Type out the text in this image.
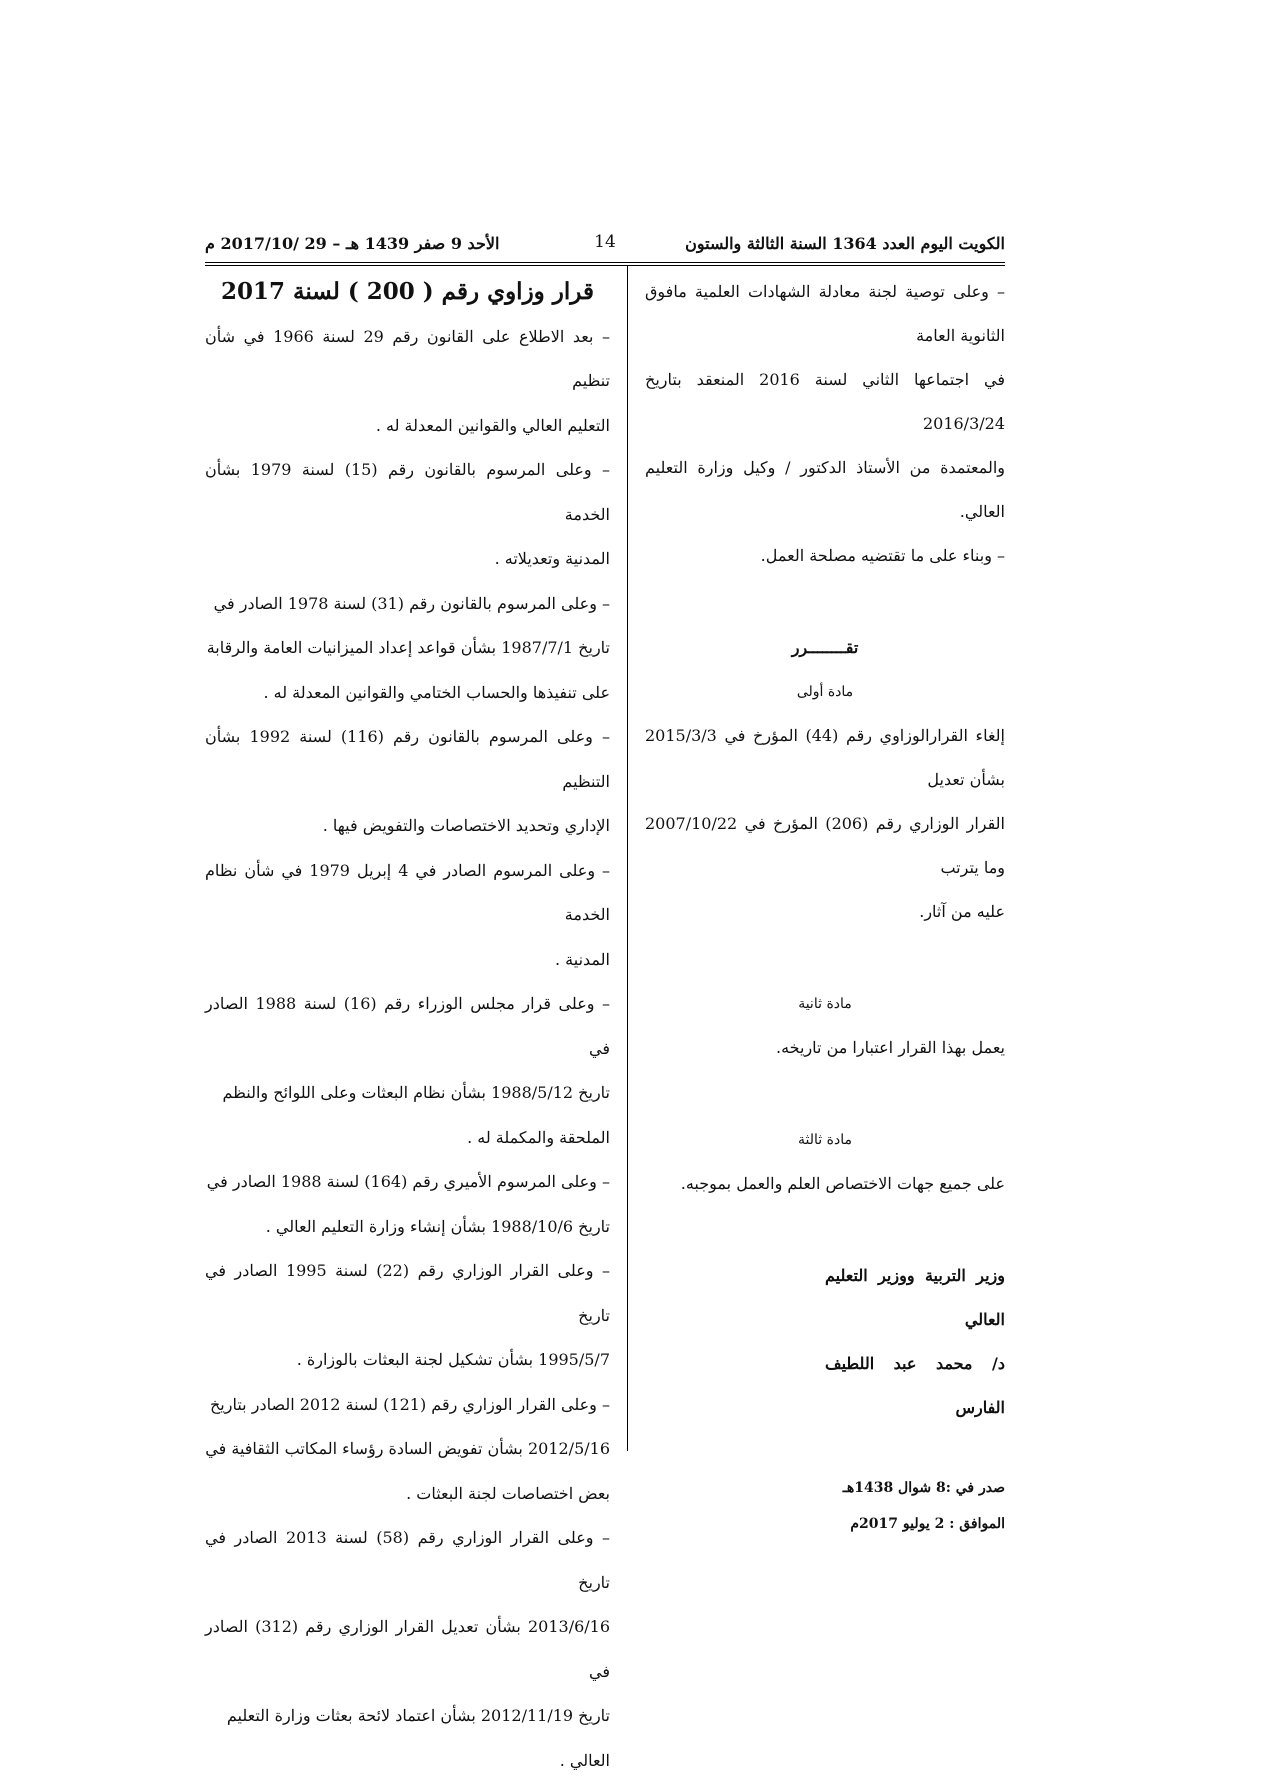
الكويت اليوم العدد 1364 السنة الثالثة والستون
14
الأحد 9 صفر 1439 هـ – 29 /2017/10 م

– وعلى توصية لجنة معادلة الشهادات العلمية مافوق الثانوية العامة

في اجتماعها الثاني لسنة 2016 المنعقد بتاريخ 2016/3/24

والمعتمدة من الأستاذ الدكتور / وكيل وزارة التعليم العالي.

– وبناء على ما تقتضيه مصلحة العمل.

تقــــــــرر

مادة أولى

إلغاء القرارالوزاوي رقم (44) المؤرخ في 2015/3/3 بشأن تعديل

القرار الوزاري رقم (206) المؤرخ في 2007/10/22 وما يترتب

عليه من آثار.

مادة ثانية

يعمل بهذا القرار اعتبارا من تاريخه.

مادة ثالثة

على جميع جهات الاختصاص العلم والعمل بموجبه.

وزير التربية ووزير التعليم العالي

د/ محمد عبد اللطيف الفارس

صدر في :8 شوال 1438هـ

الموافق : 2 يوليو 2017م

قرار وزاوي رقم ( 200 ) لسنة 2017

– بعد الاطلاع على القانون رقم 29 لسنة 1966 في شأن تنظيم

التعليم العالي والقوانين المعدلة له .

– وعلى المرسوم بالقانون رقم (15) لسنة 1979 بشأن الخدمة

المدنية وتعديلاته .

– وعلى المرسوم بالقانون رقم (31) لسنة 1978 الصادر في

تاريخ 1987/7/1 بشأن قواعد إعداد الميزانيات العامة والرقابة

على تنفيذها والحساب الختامي والقوانين المعدلة له .

– وعلى المرسوم بالقانون رقم (116) لسنة 1992 بشأن التنظيم

الإداري وتحديد الاختصاصات والتفويض فيها .

– وعلى المرسوم الصادر في 4 إبريل 1979 في شأن نظام الخدمة

المدنية .

– وعلى قرار مجلس الوزراء رقم (16) لسنة 1988 الصادر في

تاريخ 1988/5/12 بشأن نظام البعثات وعلى اللوائح والنظم

الملحقة والمكملة له .

– وعلى المرسوم الأميري رقم (164) لسنة 1988 الصادر في

تاريخ 1988/10/6 بشأن إنشاء وزارة التعليم العالي .

– وعلى القرار الوزاري رقم (22) لسنة 1995 الصادر في تاريخ

1995/5/7 بشأن تشكيل لجنة البعثات بالوزارة .

– وعلى القرار الوزاري رقم (121) لسنة 2012 الصادر بتاريخ

2012/5/16 بشأن تفويض السادة رؤساء المكاتب الثقافية في

بعض اختصاصات لجنة البعثات .

– وعلى القرار الوزاري رقم (58) لسنة 2013 الصادر في تاريخ

2013/6/16 بشأن تعديل القرار الوزاري رقم (312) الصادر في

تاريخ 2012/11/19 بشأن اعتماد لائحة بعثات وزارة التعليم

العالي .
